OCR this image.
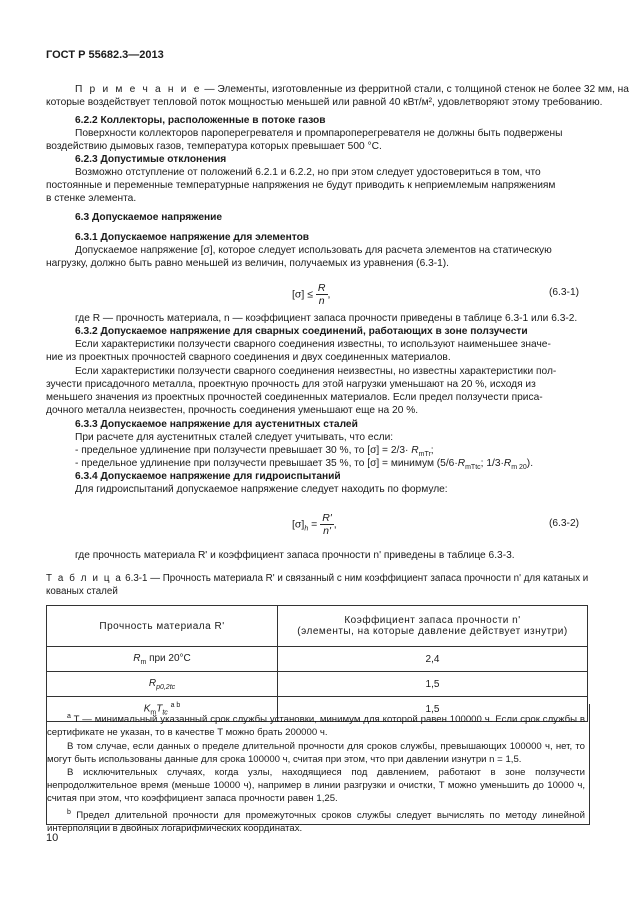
ГОСТ Р 55682.3—2013
П р и м е ч а н и е — Элементы, изготовленные из ферритной стали, с толщиной стенок не более 32 мм, на
которые воздействует тепловой поток мощностью меньшей или равной 40 кВт/м², удовлетворяют этому требованию.
6.2.2 Коллекторы, расположенные в потоке газов
Поверхности коллекторов пароперегревателя и промпароперегревателя не должны быть подвержены
воздействию дымовых газов, температура которых превышает 500 °С.
6.2.3 Допустимые отклонения
Возможно отступление от положений 6.2.1 и 6.2.2, но при этом следует удостовериться в том, что
постоянные и переменные температурные напряжения не будут приводить к неприемлемым напряжениям
в стенке элемента.
6.3 Допускаемое напряжение
6.3.1 Допускаемое напряжение для элементов
Допускаемое напряжение [σ], которое следует использовать для расчета элементов на статическую
нагрузку, должно быть равно меньшей из величин, получаемых из уравнения (6.3-1).
$[\sigma] \le \frac{R}{n}$ ,	(6.3-1)
где R — прочность материала, n — коэффициент запаса прочности приведены в таблице 6.3-1 или 6.3-2.
6.3.2 Допускаемое напряжение для сварных соединений, работающих в зоне ползучести
Если характеристики ползучести сварного соединения известны, то используют наименьшее значе-
ние из проектных прочностей сварного соединения и двух соединенных материалов.
Если характеристики ползучести сварного соединения неизвестны, но известны характеристики пол-
зучести присадочного металла, проектную прочность для этой нагрузки уменьшают на 20 %, исходя из
меньшего значения из проектных прочностей соединенных материалов. Если предел ползучести приса-
дочного металла неизвестен, прочность соединения уменьшают еще на 20 %.
6.3.3 Допускаемое напряжение для аустенитных сталей
При расчете для аустенитных сталей следует учитывать, что если:
- предельное удлинение при ползучести превышает 30 %, то $[\sigma] = 2/3\cdot R_{mTr}$;
- предельное удлинение при ползучести превышает 35 %, то [σ] = минимум ($5/6\cdot R_{mTtc}$; $1/3\cdot R_{m 20}$).
6.3.4 Допускаемое напряжение для гидроиспытаний
Для гидроиспытаний допускаемое напряжение следует находить по формуле:
$[\sigma]_h = \frac{R'}{n'}$ ,	(6.3-2)
где прочность материала R' и коэффициент запаса прочности n' приведены в таблице 6.3-3.
Т а б л и ц а 6.3-1 — Прочность материала R' и связанный с ним коэффициент запаса прочности n' для катаных и
кованых сталей
Прочность материала R'	Коэффициент запаса прочности n'
(элементы, на которые давление действует изнутри)
$R_m$ при 20°C	2,4
$R_{p0,2tc}$	1,5
$K_mT_{tc}$ $^{a b}$	1,5

$^a$ T — минимальный указанный срок службы установки, минимум для которой равен 100000 ч. Если срок службы в сертификате не указан, то в качестве T можно брать 200000 ч.

В том случае, если данных о пределе длительной прочности для сроков службы, превышающих 100000 ч, нет, то могут быть использованы данные для срока 100000 ч, считая при этом, что при давлении изнутри n = 1,5.

В исключительных случаях, когда узлы, находящиеся под давлением, работают в зоне ползучести непродолжительное время (меньше 10000 ч), например в линии разгрузки и очистки, T можно уменьшить до 10000 ч, считая при этом, что коэффициент запаса прочности равен 1,25.

$^b$ Предел длительной прочности для промежуточных сроков службы следует вычислять по методу линейной интерполяции в двойных логарифмических координатах.

10
